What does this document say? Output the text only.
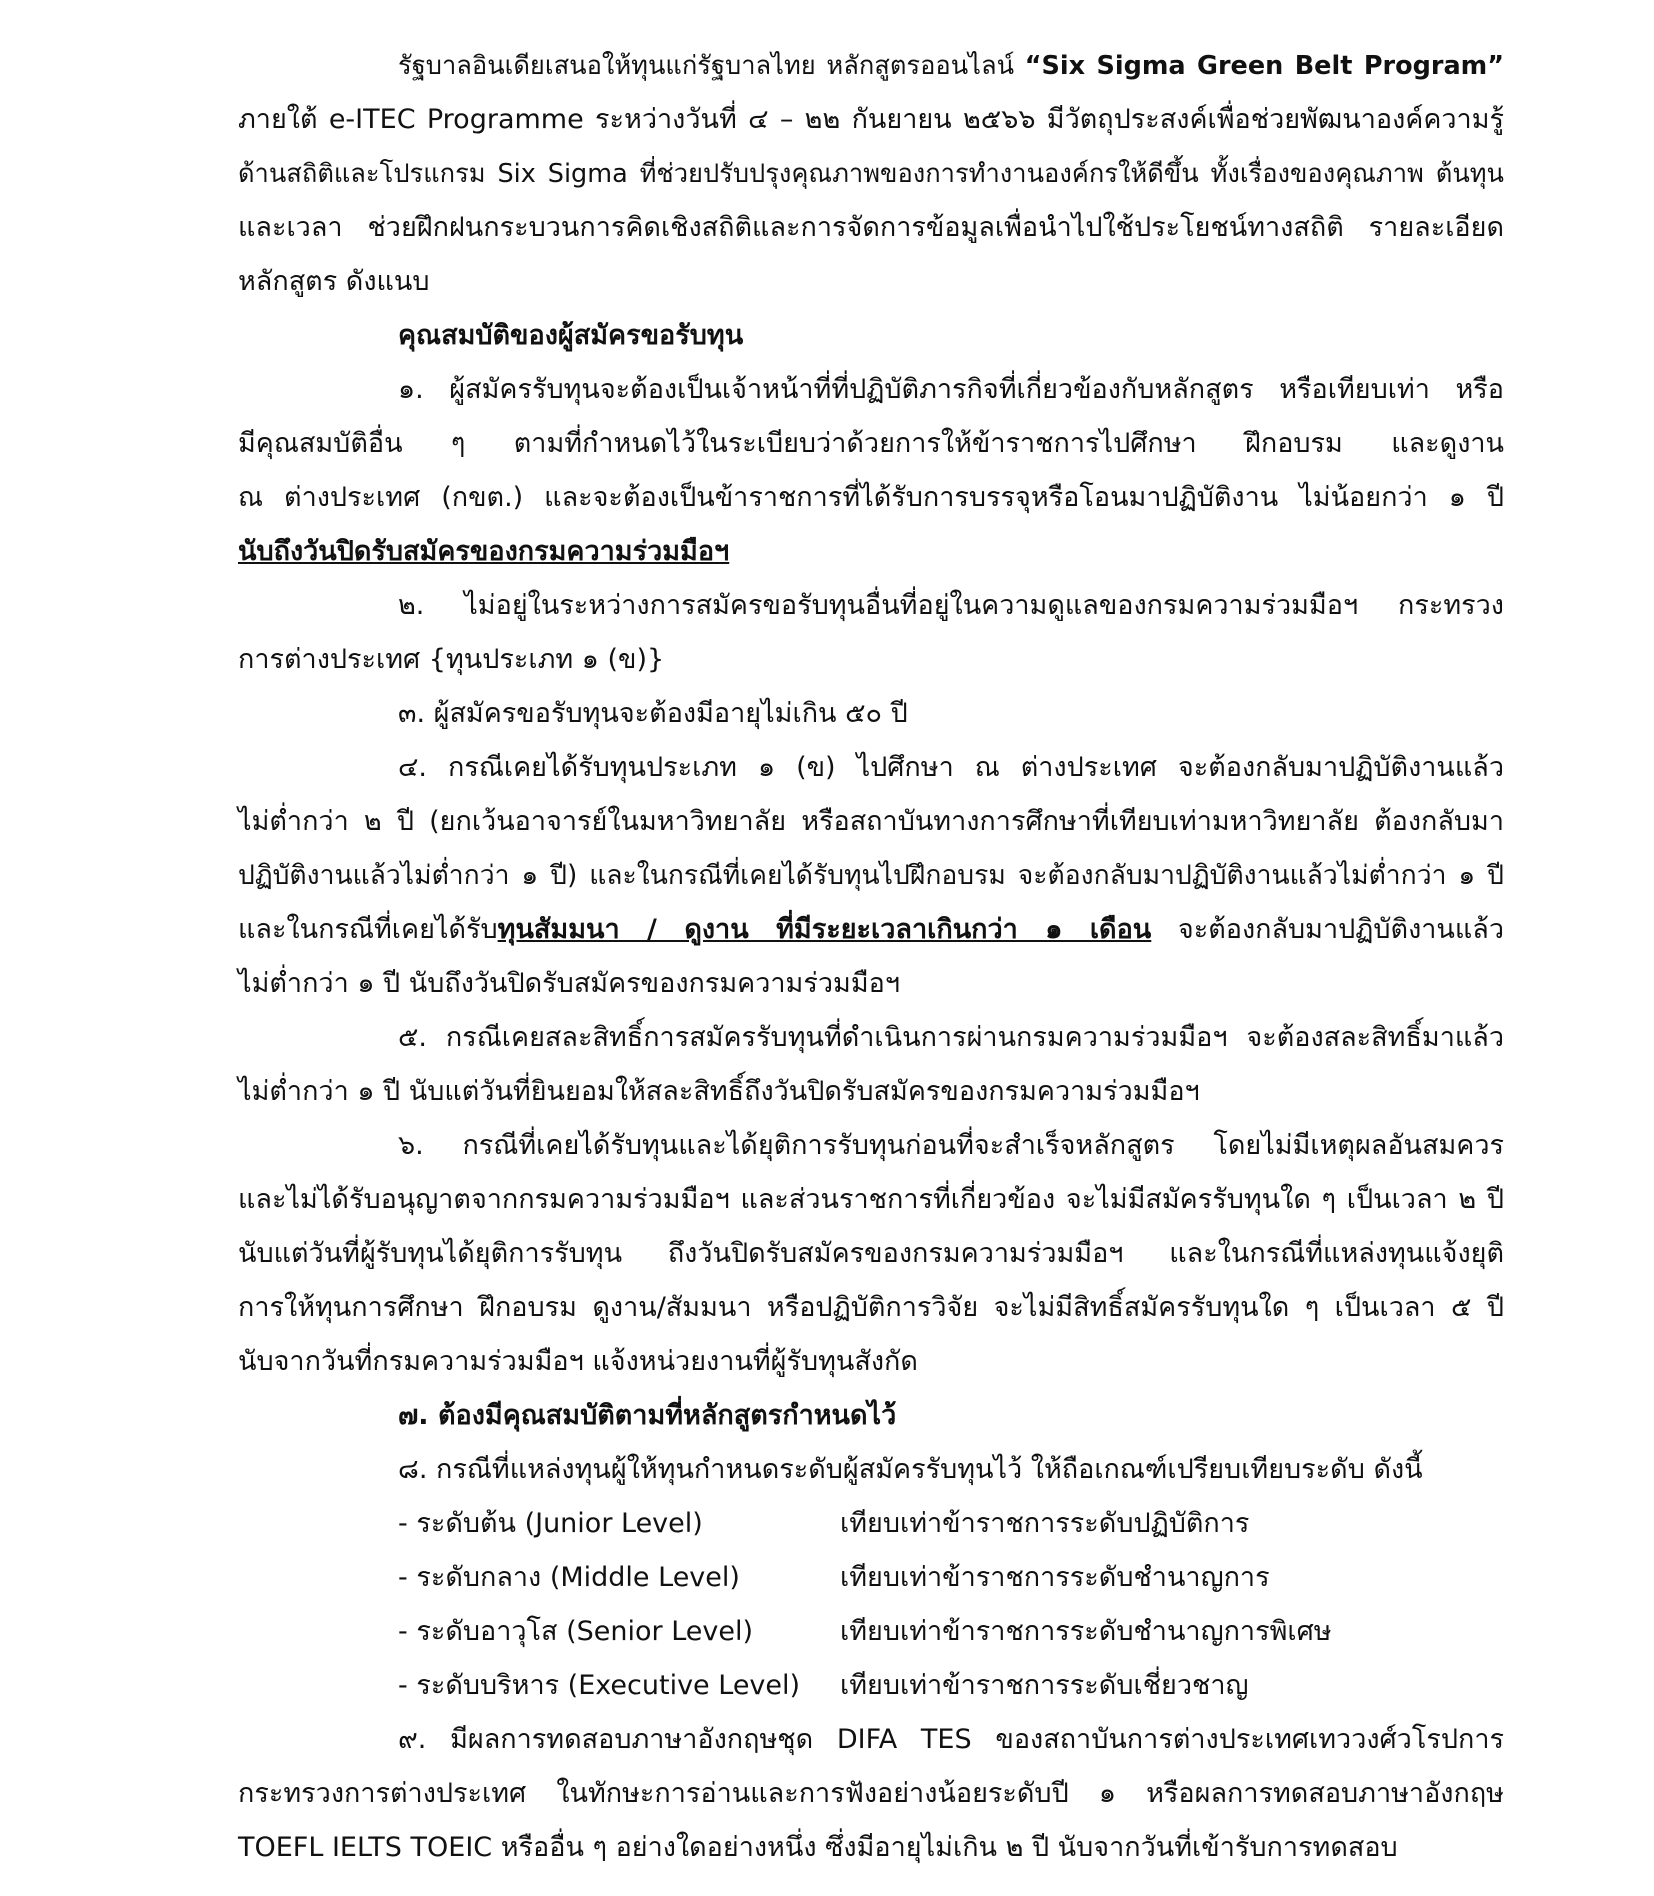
รัฐบาลอินเดียเสนอให้ทุนแก่รัฐบาลไทย หลักสูตรออนไลน์ “Six Sigma Green Belt Program”
ภายใต้ e-ITEC Programme ระหว่างวันที่ ๔ – ๒๒ กันยายน ๒๕๖๖ มีวัตถุประสงค์เพื่อช่วยพัฒนาองค์ความรู้
ด้านสถิติและโปรแกรม Six Sigma ที่ช่วยปรับปรุงคุณภาพของการทำงานองค์กรให้ดีขึ้น ทั้งเรื่องของคุณภาพ ต้นทุน
และเวลา ช่วยฝึกฝนกระบวนการคิดเชิงสถิติและการจัดการข้อมูลเพื่อนำไปใช้ประโยชน์ทางสถิติ รายละเอียด
หลักสูตร ดังแนบ
คุณสมบัติของผู้สมัครขอรับทุน
๑. ผู้สมัครรับทุนจะต้องเป็นเจ้าหน้าที่ที่ปฏิบัติภารกิจที่เกี่ยวข้องกับหลักสูตร หรือเทียบเท่า หรือ
มีคุณสมบัติอื่น ๆ ตามที่กำหนดไว้ในระเบียบว่าด้วยการให้ข้าราชการไปศึกษา ฝึกอบรม และดูงาน
ณ ต่างประเทศ (กขต.) และจะต้องเป็นข้าราชการที่ได้รับการบรรจุหรือโอนมาปฏิบัติงาน ไม่น้อยกว่า ๑ ปี
นับถึงวันปิดรับสมัครของกรมความร่วมมือฯ
๒. ไม่อยู่ในระหว่างการสมัครขอรับทุนอื่นที่อยู่ในความดูแลของกรมความร่วมมือฯ กระทรวง
การต่างประเทศ {ทุนประเภท ๑ (ข)}
๓. ผู้สมัครขอรับทุนจะต้องมีอายุไม่เกิน ๕๐ ปี
๔. กรณีเคยได้รับทุนประเภท ๑ (ข) ไปศึกษา ณ ต่างประเทศ จะต้องกลับมาปฏิบัติงานแล้ว
ไม่ต่ำกว่า ๒ ปี (ยกเว้นอาจารย์ในมหาวิทยาลัย หรือสถาบันทางการศึกษาที่เทียบเท่ามหาวิทยาลัย ต้องกลับมา
ปฏิบัติงานแล้วไม่ต่ำกว่า ๑ ปี) และในกรณีที่เคยได้รับทุนไปฝึกอบรม จะต้องกลับมาปฏิบัติงานแล้วไม่ต่ำกว่า ๑ ปี
และในกรณีที่เคยได้รับทุนสัมมนา / ดูงาน ที่มีระยะเวลาเกินกว่า ๑ เดือน จะต้องกลับมาปฏิบัติงานแล้ว
ไม่ต่ำกว่า ๑ ปี นับถึงวันปิดรับสมัครของกรมความร่วมมือฯ
๕. กรณีเคยสละสิทธิ์การสมัครรับทุนที่ดำเนินการผ่านกรมความร่วมมือฯ จะต้องสละสิทธิ์มาแล้ว
ไม่ต่ำกว่า ๑ ปี นับแต่วันที่ยินยอมให้สละสิทธิ์ถึงวันปิดรับสมัครของกรมความร่วมมือฯ
๖. กรณีที่เคยได้รับทุนและได้ยุติการรับทุนก่อนที่จะสำเร็จหลักสูตร โดยไม่มีเหตุผลอันสมควร
และไม่ได้รับอนุญาตจากกรมความร่วมมือฯ และส่วนราชการที่เกี่ยวข้อง จะไม่มีสมัครรับทุนใด ๆ เป็นเวลา ๒ ปี
นับแต่วันที่ผู้รับทุนได้ยุติการรับทุน ถึงวันปิดรับสมัครของกรมความร่วมมือฯ และในกรณีที่แหล่งทุนแจ้งยุติ
การให้ทุนการศึกษา ฝึกอบรม ดูงาน/สัมมนา หรือปฏิบัติการวิจัย จะไม่มีสิทธิ์สมัครรับทุนใด ๆ เป็นเวลา ๕ ปี
นับจากวันที่กรมความร่วมมือฯ แจ้งหน่วยงานที่ผู้รับทุนสังกัด
๗. ต้องมีคุณสมบัติตามที่หลักสูตรกำหนดไว้
๘. กรณีที่แหล่งทุนผู้ให้ทุนกำหนดระดับผู้สมัครรับทุนไว้ ให้ถือเกณฑ์เปรียบเทียบระดับ ดังนี้
- ระดับต้น (Junior Level)	เทียบเท่าข้าราชการระดับปฏิบัติการ
- ระดับกลาง (Middle Level)	เทียบเท่าข้าราชการระดับชำนาญการ
- ระดับอาวุโส (Senior Level)	เทียบเท่าข้าราชการระดับชำนาญการพิเศษ
- ระดับบริหาร (Executive Level) เทียบเท่าข้าราชการระดับเชี่ยวชาญ
๙. มีผลการทดสอบภาษาอังกฤษชุด DIFA TES ของสถาบันการต่างประเทศเทววงศ์วโรปการ
กระทรวงการต่างประเทศ ในทักษะการอ่านและการฟังอย่างน้อยระดับปี ๑ หรือผลการทดสอบภาษาอังกฤษ
TOEFL IELTS TOEIC หรืออื่น ๆ อย่างใดอย่างหนึ่ง ซึ่งมีอายุไม่เกิน ๒ ปี นับจากวันที่เข้ารับการทดสอบ
